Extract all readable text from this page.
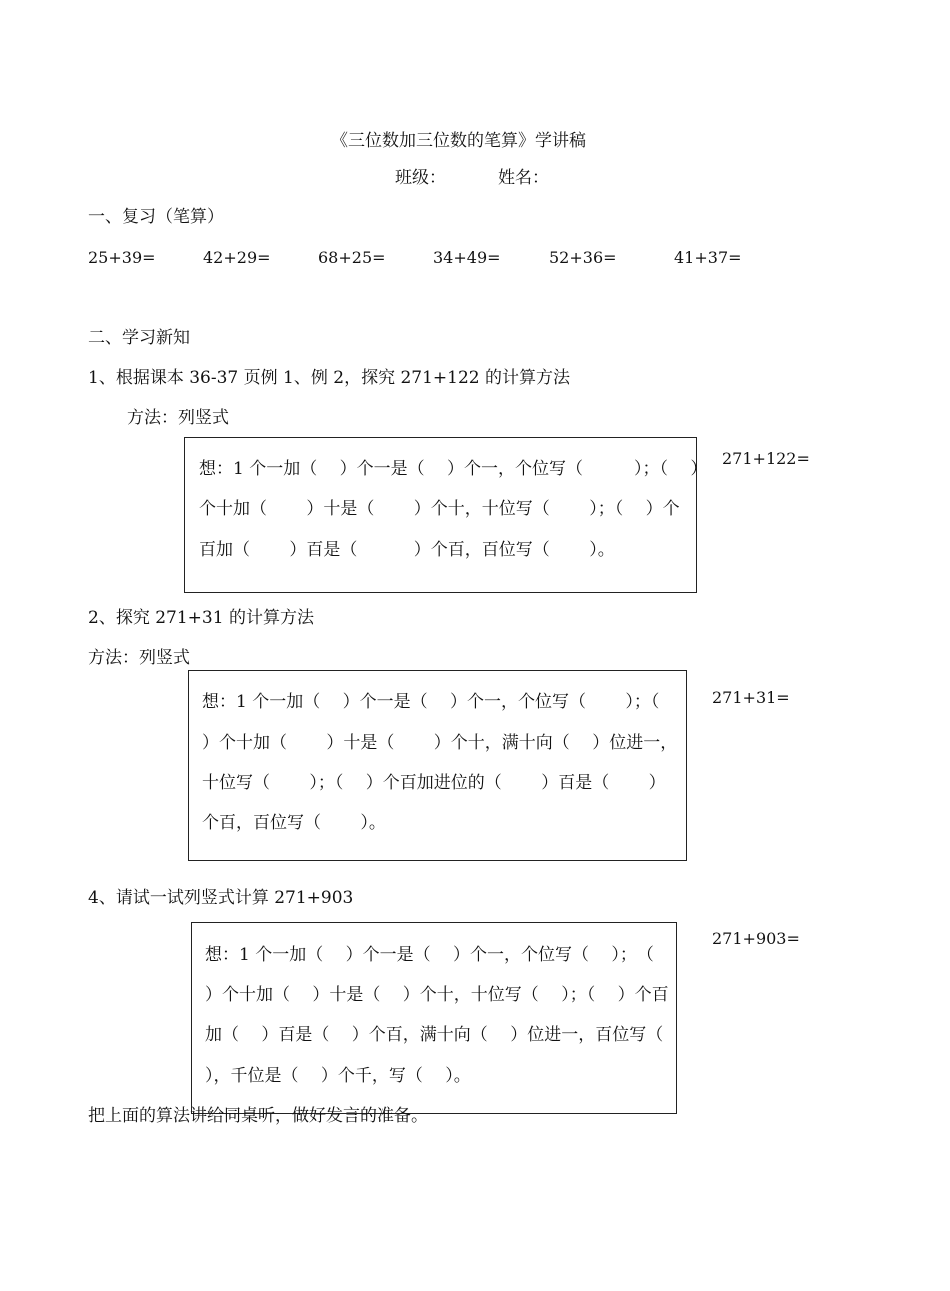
《三位数加三位数的笔算》学讲稿
班级：	姓名：
一、复习（笔算）
25+39=	42+29=	68+25=	34+49=	52+36=	41+37=
二、学习新知
1、根据课本 36-37 页例 1、例 2，探究 271+122 的计算方法
方法：列竖式
想：1 个一加（　 ）个一是（　 ）个一，个位写（　　　）；（　 ）
个十加（　　 ）十是（　　 ）个十，十位写（　　 ）；（　 ）个
百加（　　 ）百是（　　　 ）个百，百位写（　　 ）。
271+122=
2、探究 271+31 的计算方法
方法：列竖式
想：1 个一加（　 ）个一是（　 ）个一，个位写（　　 ）；（
）个十加（　　 ）十是（　　 ）个十，满十向（　 ）位进一，
十位写（　　 ）；（　 ）个百加进位的（　　 ）百是（　　 ）
个百，百位写（　　 ）。
271+31=
4、请试一试列竖式计算 271+903
想：1 个一加（　 ）个一是（　 ）个一，个位写（　 ）；　（
）个十加（　 ）十是（　 ）个十，十位写（　 ）；（　 ）个百
加（　 ）百是（　 ）个百，满十向（　 ）位进一，百位写（
），千位是（　 ）个千，写（　 ）。
271+903=
把上面的算法讲给同桌听，做好发言的准备。
